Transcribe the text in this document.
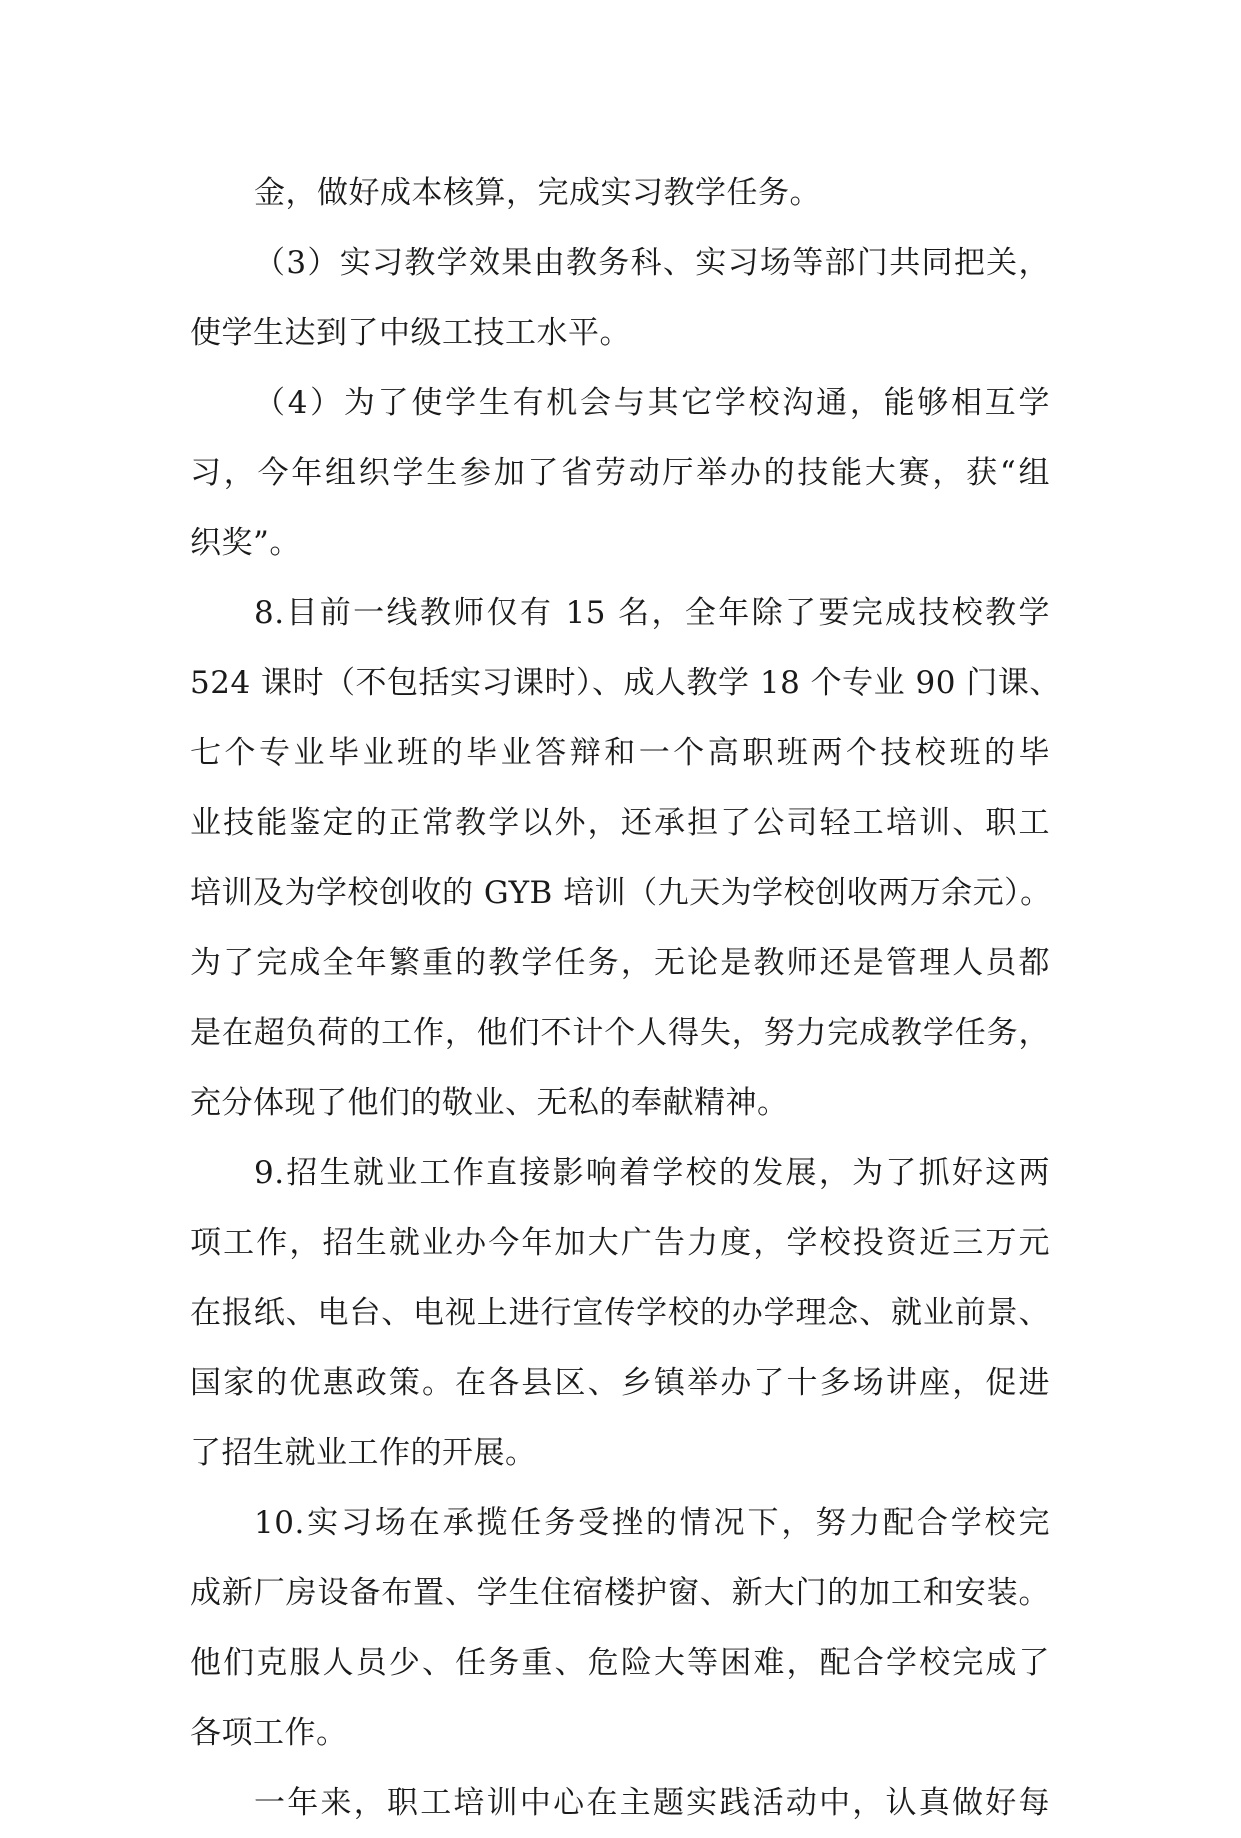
金，做好成本核算，完成实习教学任务。
（3）实习教学效果由教务科、实习场等部门共同把关，
使学生达到了中级工技工水平。
（4）为了使学生有机会与其它学校沟通，能够相互学
习，今年组织学生参加了省劳动厅举办的技能大赛，获“组
织奖”。
8.目前一线教师仅有 15 名，全年除了要完成技校教学
524 课时（不包括实习课时）、成人教学 18 个专业 90 门课、
七个专业毕业班的毕业答辩和一个高职班两个技校班的毕
业技能鉴定的正常教学以外，还承担了公司轻工培训、职工
培训及为学校创收的 GYB 培训（九天为学校创收两万余元）。
为了完成全年繁重的教学任务，无论是教师还是管理人员都
是在超负荷的工作，他们不计个人得失，努力完成教学任务，
充分体现了他们的敬业、无私的奉献精神。
9.招生就业工作直接影响着学校的发展，为了抓好这两
项工作，招生就业办今年加大广告力度，学校投资近三万元
在报纸、电台、电视上进行宣传学校的办学理念、就业前景、
国家的优惠政策。在各县区、乡镇举办了十多场讲座，促进
了招生就业工作的开展。
10.实习场在承揽任务受挫的情况下，努力配合学校完
成新厂房设备布置、学生住宿楼护窗、新大门的加工和安装。
他们克服人员少、任务重、危险大等困难，配合学校完成了
各项工作。
一年来，职工培训中心在主题实践活动中，认真做好每
